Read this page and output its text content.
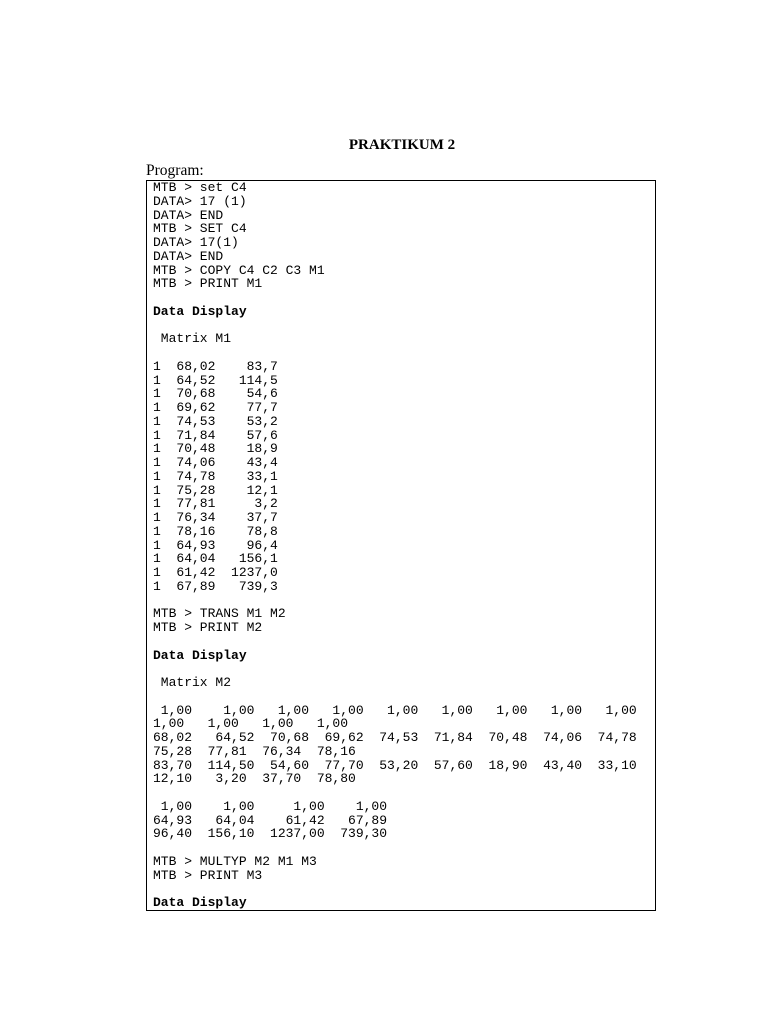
PRAKTIKUM 2
Program:
MTB > set C4
DATA> 17 (1)
DATA> END
MTB > SET C4
DATA> 17(1)
DATA> END
MTB > COPY C4 C2 C3 M1
MTB > PRINT M1

Data Display

Matrix M1

1  68,02    83,7
1  64,52   114,5
1  70,68    54,6
1  69,62    77,7
1  74,53    53,2
1  71,84    57,6
1  70,48    18,9
1  74,06    43,4
1  74,78    33,1
1  75,28    12,1
1  77,81     3,2
1  76,34    37,7
1  78,16    78,8
1  64,93    96,4
1  64,04   156,1
1  61,42  1237,0
1  67,89   739,3

MTB > TRANS M1 M2
MTB > PRINT M2

Data Display

Matrix M2

1,00    1,00   1,00   1,00   1,00   1,00   1,00   1,00   1,00
1,00   1,00   1,00   1,00
68,02   64,52  70,68  69,62  74,53  71,84  70,48  74,06  74,78
75,28  77,81  76,34  78,16
83,70  114,50  54,60  77,70  53,20  57,60  18,90  43,40  33,10
12,10   3,20  37,70  78,80

1,00    1,00     1,00    1,00
64,93   64,04    61,42   67,89
96,40  156,10  1237,00  739,30

MTB > MULTYP M2 M1 M3
MTB > PRINT M3

Data Display
